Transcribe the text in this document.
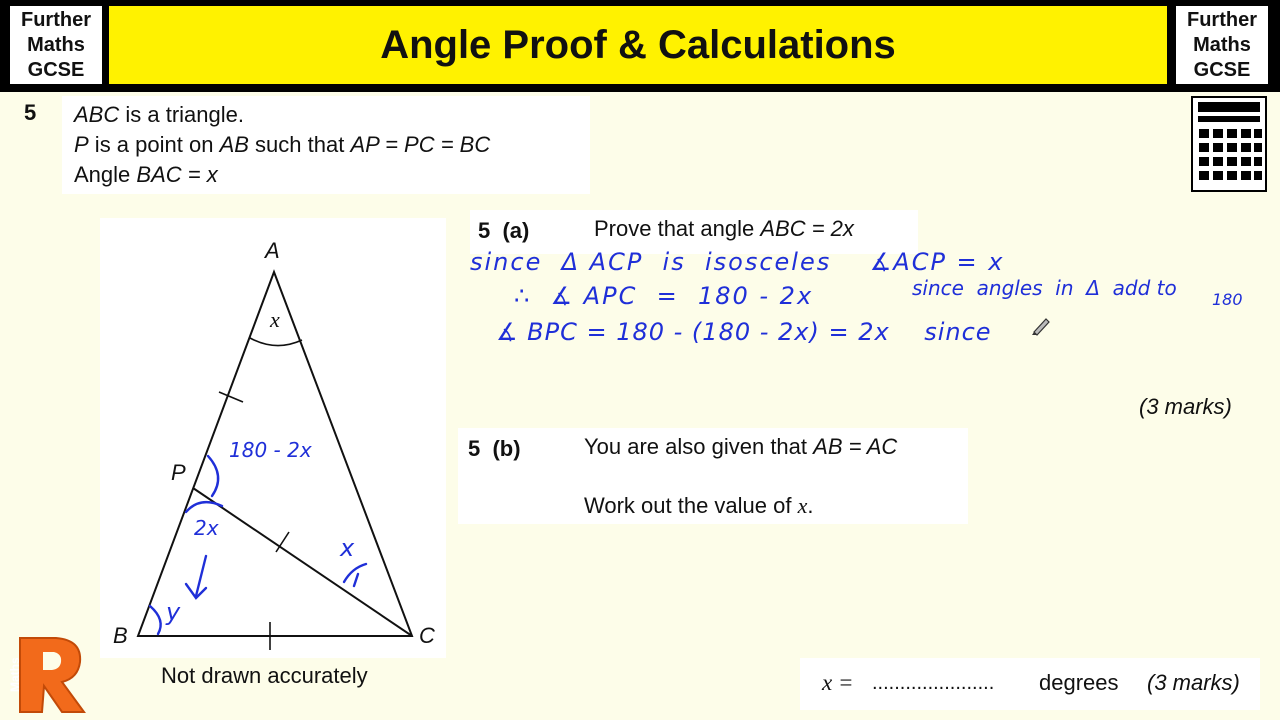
Further
Maths
GCSE
Angle Proof & Calculations
Further
Maths
GCSE
5 ABC is a triangle.
P is a point on AB such that AP = PC = BC
Angle BAC = x
A
B	C
P
x
180 - 2x
2x
x
y
Not drawn accurately
5  (a)	Prove that angle ABC = 2x
since  Δ ACP  is  isosceles    ∡ACP = x
∴  ∡ APC  =  180 - 2x
∡ BPC = 180 - (180 - 2x) = 2x    since
since  angles  in  Δ  add to 180
(3 marks)
5  (b)	You are also given that AB = AC
Work out the value of x.
x = ...................... degrees (3 marks)
Maths
